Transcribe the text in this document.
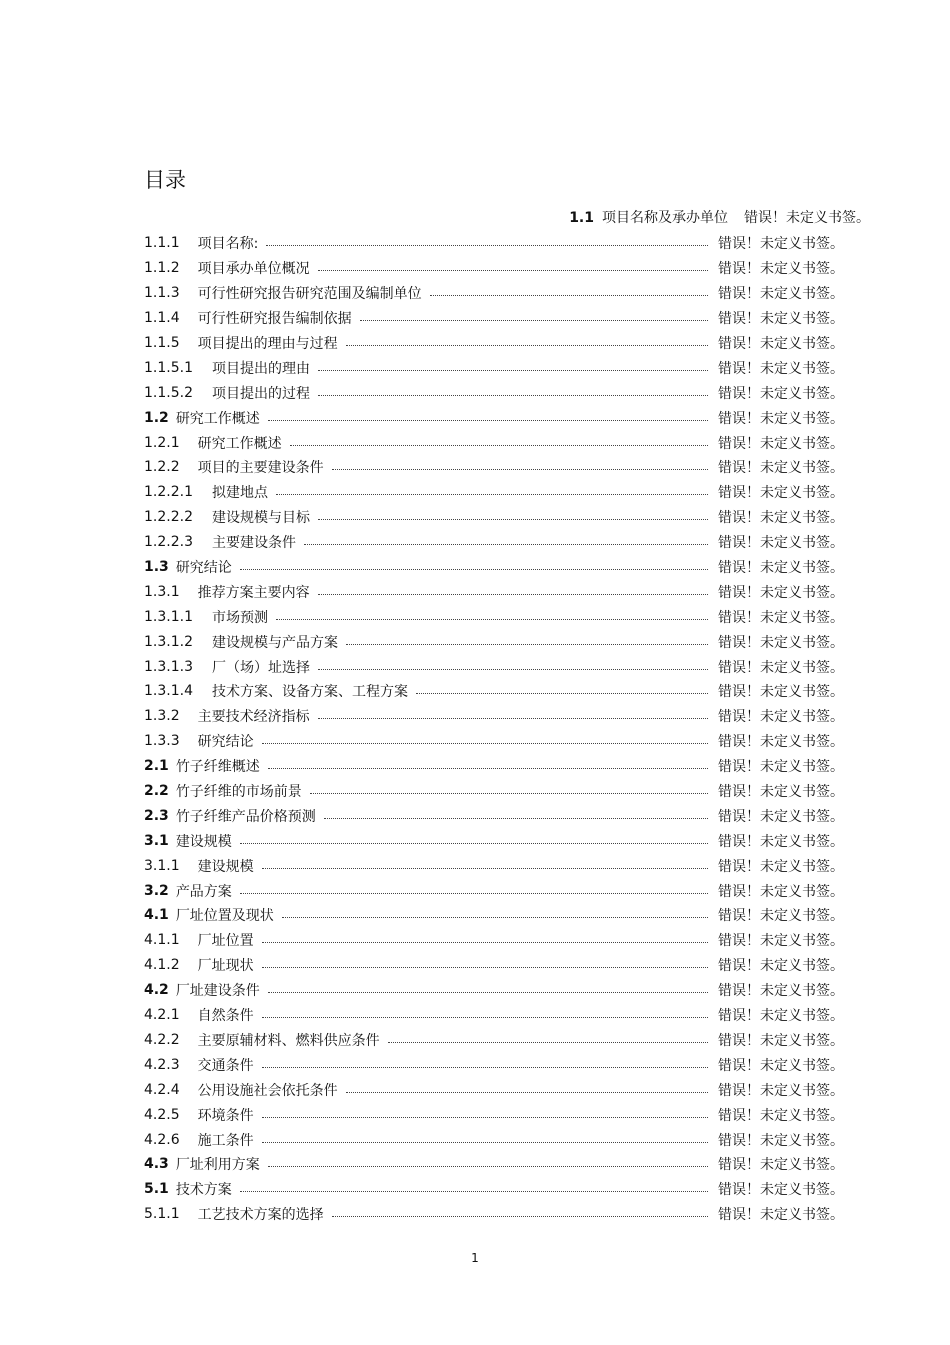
目录
1.1 项目名称及承办单位 错误！未定义书签。
1.1.1 项目名称:	错误！未定义书签。
1.1.2 项目承办单位概况	错误！未定义书签。
1.1.3 可行性研究报告研究范围及编制单位	错误！未定义书签。
1.1.4 可行性研究报告编制依据	错误！未定义书签。
1.1.5 项目提出的理由与过程	错误！未定义书签。
1.1.5.1 项目提出的理由	错误！未定义书签。
1.1.5.2 项目提出的过程	错误！未定义书签。
1.2 研究工作概述	错误！未定义书签。
1.2.1 研究工作概述	错误！未定义书签。
1.2.2 项目的主要建设条件	错误！未定义书签。
1.2.2.1 拟建地点	错误！未定义书签。
1.2.2.2 建设规模与目标	错误！未定义书签。
1.2.2.3 主要建设条件	错误！未定义书签。
1.3 研究结论	错误！未定义书签。
1.3.1 推荐方案主要内容	错误！未定义书签。
1.3.1.1 市场预测	错误！未定义书签。
1.3.1.2 建设规模与产品方案	错误！未定义书签。
1.3.1.3 厂（场）址选择	错误！未定义书签。
1.3.1.4 技术方案、设备方案、工程方案	错误！未定义书签。
1.3.2 主要技术经济指标	错误！未定义书签。
1.3.3 研究结论	错误！未定义书签。
2.1 竹子纤维概述	错误！未定义书签。
2.2 竹子纤维的市场前景	错误！未定义书签。
2.3 竹子纤维产品价格预测	错误！未定义书签。
3.1 建设规模	错误！未定义书签。
3.1.1 建设规模	错误！未定义书签。
3.2 产品方案	错误！未定义书签。
4.1 厂址位置及现状	错误！未定义书签。
4.1.1 厂址位置	错误！未定义书签。
4.1.2 厂址现状	错误！未定义书签。
4.2 厂址建设条件	错误！未定义书签。
4.2.1 自然条件	错误！未定义书签。
4.2.2 主要原辅材料、燃料供应条件	错误！未定义书签。
4.2.3 交通条件	错误！未定义书签。
4.2.4 公用设施社会依托条件	错误！未定义书签。
4.2.5 环境条件	错误！未定义书签。
4.2.6 施工条件	错误！未定义书签。
4.3 厂址利用方案	错误！未定义书签。
5.1 技术方案	错误！未定义书签。
5.1.1 工艺技术方案的选择	错误！未定义书签。
1
